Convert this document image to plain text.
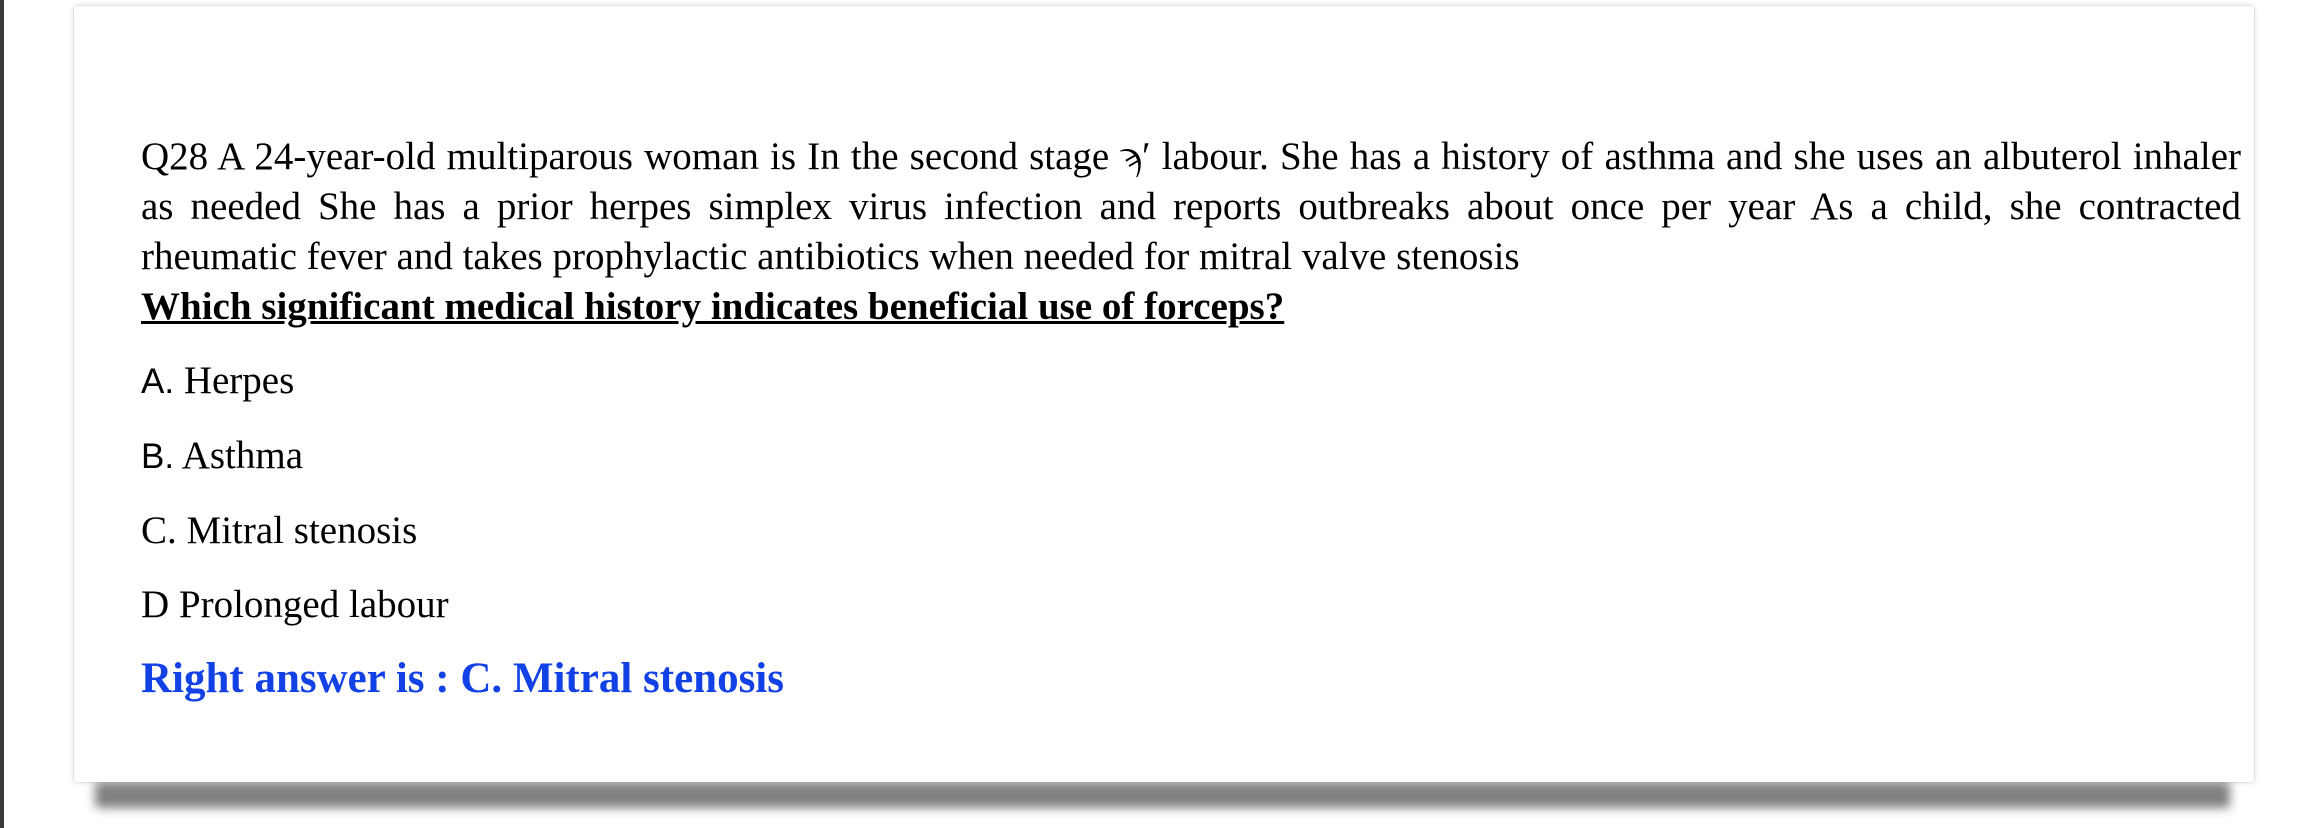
Q28 A 24-year-old multiparous woman is In the second stage ϡʹ labour. She has a history of asthma and she uses an albuterol inhaler as needed She has a prior herpes simplex virus infection and reports outbreaks about once per year As a child, she contracted rheumatic fever and takes prophylactic antibiotics when needed for mitral valve stenosis

Which significant medical history indicates beneficial use of forceps?

A. Herpes

B. Asthma

C. Mitral stenosis

D Prolonged labour

Right answer is : C. Mitral stenosis
